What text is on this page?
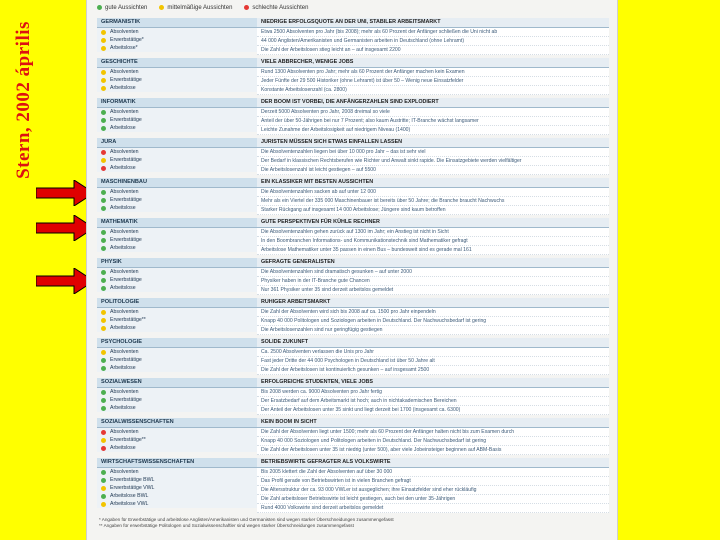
Stern, 2002 április
gute Aussichten	mittelmäßige Aussichten	schlechte Aussichten
GERMANISTIK
Absolventen
Erwerbstätige*
Arbeitslose*
NIEDRIGE ERFOLGSQUOTE AN DER UNI, STABILER ARBEITSMARKT
Etwa 2500 Absolventen pro Jahr (bis 2008); mehr als 60 Prozent der Anfänger schließen die Uni nicht ab
44 000 Anglisten/Amerikanisten und Germanisten arbeiten in Deutschland (ohne Lehramt)
Die Zahl der Arbeitslosen stieg leicht an – auf insgesamt 2200
GESCHICHTE
Absolventen
Erwerbstätige
Arbeitslose
VIELE ABBRECHER, WENIGE JOBS
Rund 1300 Absolventen pro Jahr; mehr als 60 Prozent der Anfänger machen kein Examen
Jeder Fünfte der 29 500 Historiker (ohne Lehramt) ist über 50 – Wenig neue Einsatzfelder
Konstante Arbeitslosenzahl (ca. 2800)
INFORMATIK
Absolventen
Erwerbstätige
Arbeitslose
DER BOOM IST VORBEI, DIE ANFÄNGERZAHLEN SIND EXPLODIERT
Derzeit 5000 Absolventen pro Jahr, 2008 dreimal so viele
Anteil der über 50-Jährigen bei nur 7 Prozent; also kaum Austritte; IT-Branche wächst langsamer
Leichte Zunahme der Arbeitslosigkeit auf niedrigem Niveau (1400)
JURA
Absolventen
Erwerbstätige
Arbeitslose
JURISTEN MÜSSEN SICH ETWAS EINFALLEN LASSEN
Die Absolventenzahlen liegen bei über 10 000 pro Jahr – das ist sehr viel
Der Bedarf in klassischen Rechtsberufen wie Richter und Anwalt sinkt rapide. Die Einsatzgebiete werden vielfältiger
Die Arbeitslosenzahl ist leicht gestiegen – auf 5500
MASCHINENBAU
Absolventen
Erwerbstätige
Arbeitslose
EIN KLASSIKER MIT BESTEN AUSSICHTEN
Die Absolventenzahlen sacken ab auf unter 12 000
Mehr als ein Viertel der 335 000 Maschinenbauer ist bereits über 50 Jahre; die Branche braucht Nachwuchs
Starker Rückgang auf insgesamt 14 000 Arbeitslose; Jüngere sind kaum betroffen
MATHEMATIK
Absolventen
Erwerbstätige
Arbeitslose
GUTE PERSPEKTIVEN FÜR KÜHLE RECHNER
Die Absolventenzahlen gehen zurück auf 1300 im Jahr; ein Anstieg ist nicht in Sicht
In den Boombranchen Informations- und Kommunikationstechnik sind Mathematiker gefragt
Arbeitslose Mathematiker unter 35 passen in einen Bus – bundesweit sind es gerade mal 161
PHYSIK
Absolventen
Erwerbstätige
Arbeitslose
GEFRAGTE GENERALISTEN
Die Absolventenzahlen sind dramatisch gesunken – auf unter 2000
Physiker haben in der IT-Branche gute Chancen
Nur 361 Physiker unter 35 sind derzeit arbeitslos gemeldet
POLITOLOGIE
Absolventen
Erwerbstätige**
Arbeitslose
RUHIGER ARBEITSMARKT
Die Zahl der Absolventen wird sich bis 2008 auf ca. 1500 pro Jahr einpendeln
Knapp 40 000 Politologen und Soziologen arbeiten in Deutschland. Der Nachwuchsbedarf ist gering
Die Arbeitslosenzahlen sind nur geringfügig gestiegen
PSYCHOLOGIE
Absolventen
Erwerbstätige
Arbeitslose
SOLIDE ZUKUNFT
Ca. 2500 Absolventen verlassen die Unis pro Jahr
Fast jeder Dritte der 44 000 Psychologen in Deutschland ist über 50 Jahre alt
Die Zahl der Arbeitslosen ist kontinuierlich gesunken – auf insgesamt 2500
SOZIALWESEN
Absolventen
Erwerbstätige
Arbeitslose
ERFOLGREICHE STUDENTEN, VIELE JOBS
Bis 2008 werden ca. 9000 Absolventen pro Jahr fertig
Der Ersatzbedarf auf dem Arbeitsmarkt ist hoch; auch in nichtakademischen Bereichen
Der Anteil der Arbeitslosen unter 35 sinkt und liegt derzeit bei 1700 (insgesamt ca. 6300)
SOZIALWISSENSCHAFTEN
Absolventen
Erwerbstätige**
Arbeitslose
KEIN BOOM IN SICHT
Die Zahl der Absolventen liegt unter 1500; mehr als 60 Prozent der Anfänger halten nicht bis zum Examen durch
Knapp 40 000 Soziologen und Politologen arbeiten in Deutschland. Der Nachwuchsbedarf ist gering
Die Zahl der Arbeitslosen unter 35 ist niedrig (unter 500), aber viele Jobeinsteiger beginnen auf ABM-Basis
WIRTSCHAFTSWISSENSCHAFTEN
Absolventen
Erwerbstätige BWL
Erwerbstätige VWL
Arbeitslose BWL
Arbeitslose VWL
BETRIEBSWIRTE GEFRAGTER ALS VOLKSWIRTE
Bis 2005 klettert die Zahl der Absolventen auf über 30 000
Das Profil gerade von Betriebswirten ist in vielen Branchen gefragt
Die Altersstruktur der ca. 93 000 VWLer ist ausgeglichen; ihre Einsatzfelder sind eher rückläufig
Die Zahl arbeitsloser Betriebswirte ist leicht gestiegen, auch bei den unter 35-Jährigen
Rund 4000 Volkswirte sind derzeit arbeitslos gemeldet
* Angaben für Erwerbstätige und arbeitslose Anglisten/Amerikanisten und Germanisten sind wegen starker Überschneidungen zusammengefasst
** Angaben für erwerbstätige Politologen und Sozialwissenschaftler sind wegen starker Überschneidungen zusammengefasst
